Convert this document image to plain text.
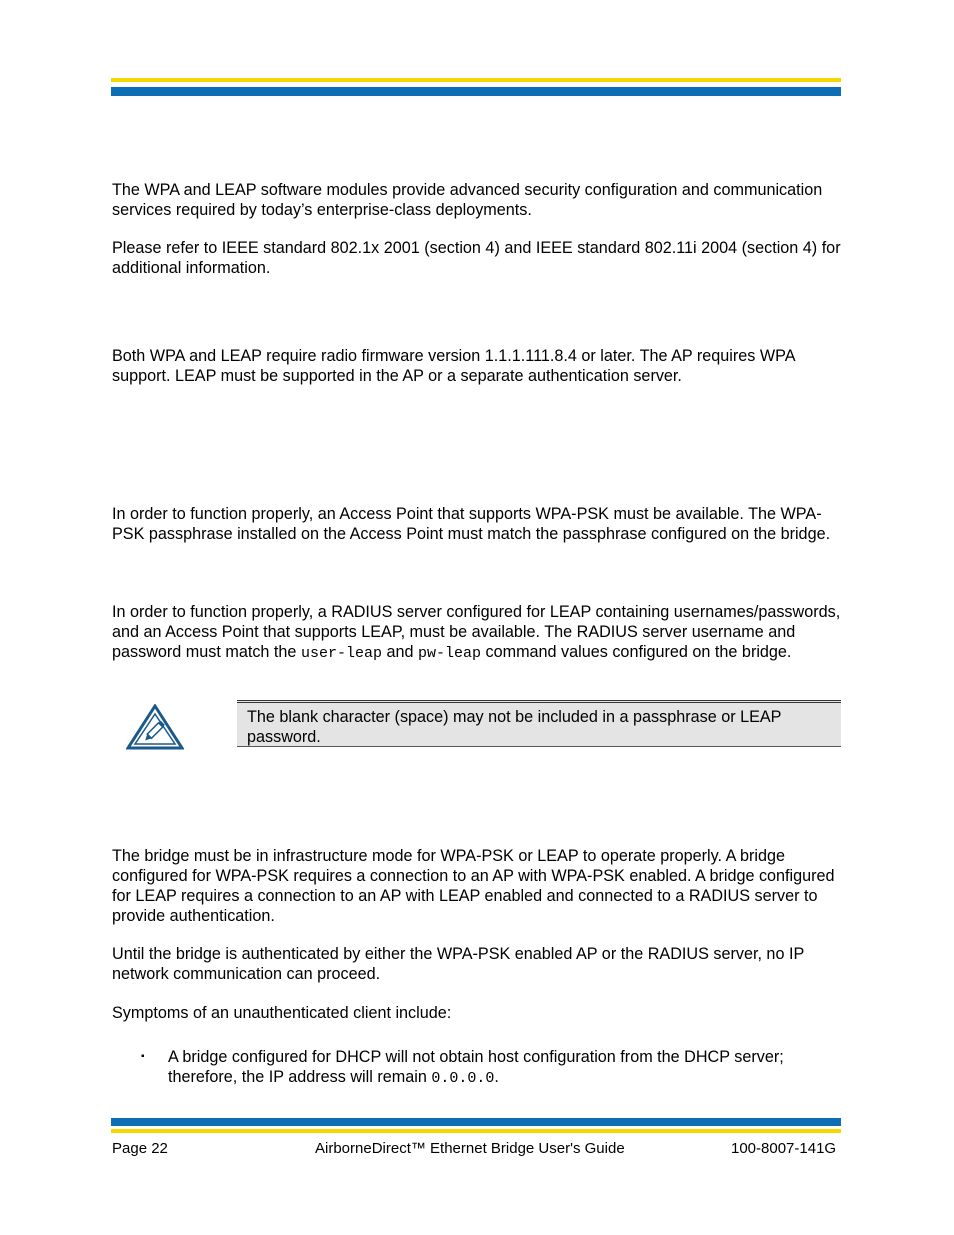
The WPA and LEAP software modules provide advanced security configuration and communication services required by today’s enterprise-class deployments.

Please refer to IEEE standard 802.1x 2001 (section 4) and IEEE standard 802.11i 2004 (section 4) for additional information.

Both WPA and LEAP require radio firmware version 1.1.1.111.8.4 or later. The AP requires WPA support. LEAP must be supported in the AP or a separate authentication server.

In order to function properly, an Access Point that supports WPA-PSK must be available. The WPA-PSK passphrase installed on the Access Point must match the passphrase configured on the bridge.

In order to function properly, a RADIUS server configured for LEAP containing usernames/passwords, and an Access Point that supports LEAP, must be available. The RADIUS server username and password must match the user-leap and pw-leap command values configured on the bridge.

The blank character (space) may not be included in a passphrase or LEAP password.

The bridge must be in infrastructure mode for WPA-PSK or LEAP to operate properly. A bridge configured for WPA-PSK requires a connection to an AP with WPA-PSK enabled. A bridge configured for LEAP requires a connection to an AP with LEAP enabled and connected to a RADIUS server to provide authentication.

Until the bridge is authenticated by either the WPA-PSK enabled AP or the RADIUS server, no IP network communication can proceed.

Symptoms of an unauthenticated client include:

▪ A bridge configured for DHCP will not obtain host configuration from the DHCP server; therefore, the IP address will remain 0.0.0.0.

Page 22	AirborneDirect™ Ethernet Bridge User's Guide	100-8007-141G
